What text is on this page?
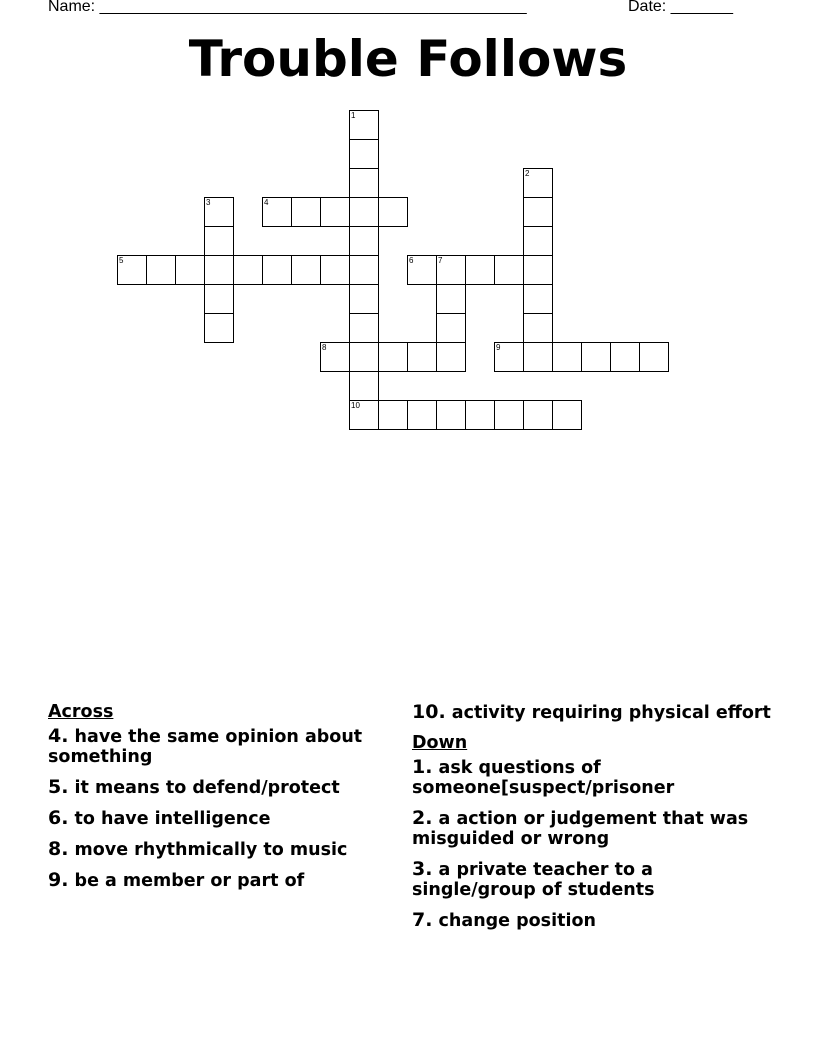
Name: ________________________________________________

	Date: _______

Trouble Follows
1
2
3	4
5	6	7
8	9
10
Across
4. have the same opinion about something
5. it means to defend/protect
6. to have intelligence
8. move rhythmically to music
9. be a member or part of
10. activity requiring physical effort
Down
1. ask questions of someone[suspect/prisoner
2. a action or judgement that was misguided or wrong
3. a private teacher to a single/group of students
7. change position
